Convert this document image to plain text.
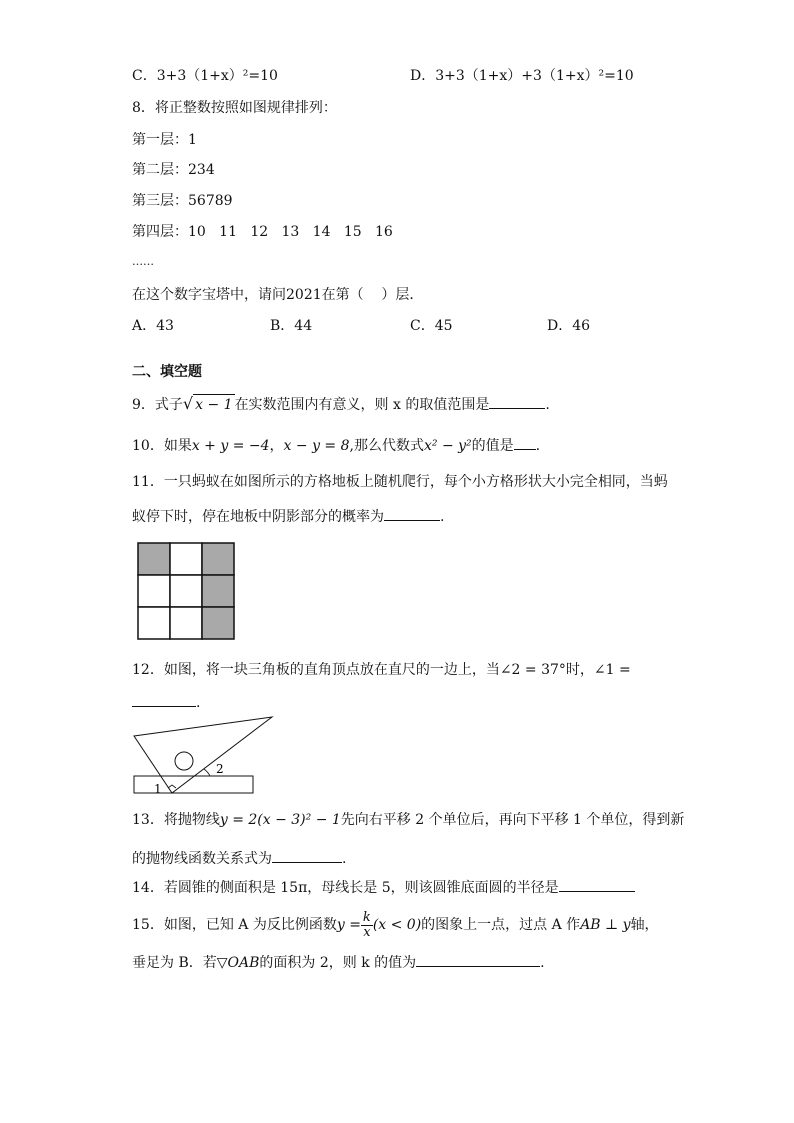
C．3+3（1+x）²=10	D．3+3（1+x）+3（1+x）²=10
8．将正整数按照如图规律排列：
第一层：1
第二层：234
第三层：56789
第四层：10   11   12   13   14   15   16
……
在这个数字宝塔中，请问2021在第（    ）层．
A．43	B．44	C．45	D．46
二、填空题
9．式子√ x − 1 在实数范围内有意义，则 x 的取值范围是	.
10．如果x + y = −4，x − y = 8,那么代数式x² − y²的值是 .
11．一只蚂蚁在如图所示的方格地板上随机爬行，每个小方格形状大小完全相同，当蚂
蚁停下时，停在地板中阴影部分的概率为	.
12．如图，将一块三角板的直角顶点放在直尺的一边上，当∠2 = 37°时，∠1 =
.
1
2
13．将抛物线y = 2(x − 3)² − 1先向右平移 2 个单位后，再向下平移 1 个单位，得到新
的抛物线函数关系式为	.
14．若圆锥的侧面积是 15π，母线长是 5，则该圆锥底面圆的半径是
15．如图，已知 A 为反比例函数$y = \frac{k}{x} (x < 0)$的图象上一点，过点 A 作AB ⊥ y轴，
垂足为 B．若▽OAB的面积为 2，则 k 的值为	.
